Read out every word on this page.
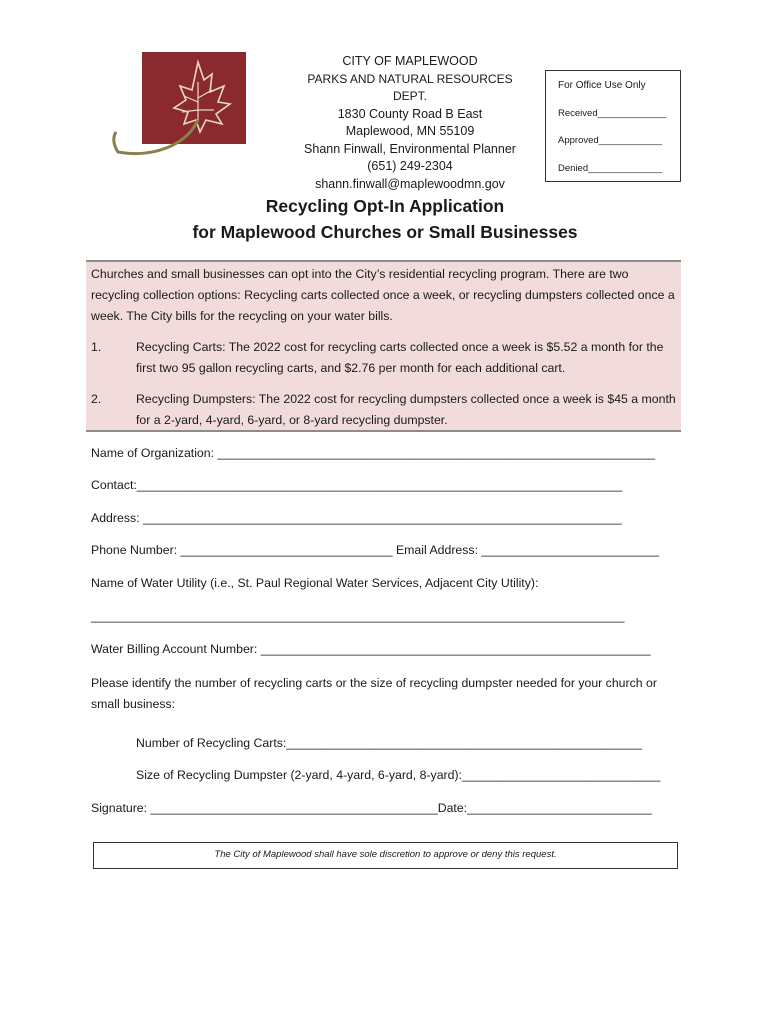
CITY OF MAPLEWOOD
PARKS AND NATURAL RESOURCES DEPT.
1830 County Road B East
Maplewood, MN 55109
Shann Finwall, Environmental Planner
(651) 249-2304
shann.finwall@maplewoodmn.gov
For Office Use Only
Received_____________
Approved____________
Denied______________
Recycling Opt-In Application
for Maplewood Churches or Small Businesses
Churches and small businesses can opt into the City’s residential recycling program. There are two recycling collection options: Recycling carts collected once a week, or recycling dumpsters collected once a week. The City bills for the recycling on your water bills.
1.	Recycling Carts: The 2022 cost for recycling carts collected once a week is $5.52 a month for the first two 95 gallon recycling carts, and $2.76 per month for each additional cart.
2.	Recycling Dumpsters: The 2022 cost for recycling dumpsters collected once a week is $45 a month for a 2-yard, 4-yard, 6-yard, or 8-yard recycling dumpster.
Name of Organization: ________________________________________________________________
Contact:_______________________________________________________________________
Address: ______________________________________________________________________
Phone Number: _______________________________ Email Address: __________________________
Name of Water Utility (i.e., St. Paul Regional Water Services, Adjacent City Utility):
______________________________________________________________________________
Water Billing Account Number: _________________________________________________________
Please identify the number of recycling carts or the size of recycling dumpster needed for your church or small business:
Number of Recycling Carts:____________________________________________________
Size of Recycling Dumpster (2-yard, 4-yard, 6-yard, 8-yard):_____________________________
Signature: __________________________________________Date:___________________________
The City of Maplewood shall have sole discretion to approve or deny this request.
